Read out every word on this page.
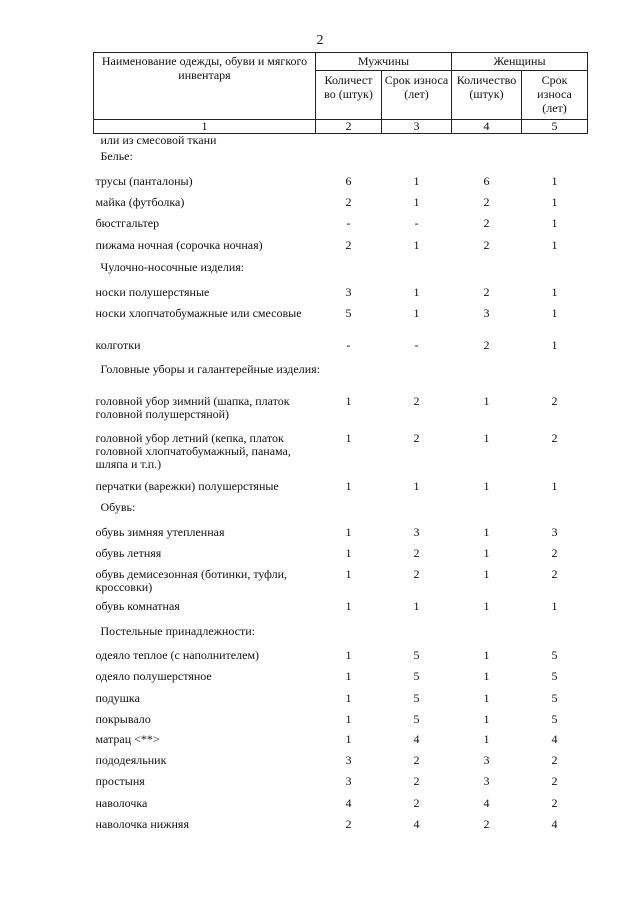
2
Наименование одежды, обуви и мягкого инвентаря	Мужчины		Женщины	
	Количест во (штук)	Срок износа (лет)	Количество (штук)	Срок износа (лет)
1	2	3	4	5
или из смесовой ткани				
Белье:				
трусы (панталоны)	6	1	6	1
майка (футболка)	2	1	2	1
бюстгальтер	-	-	2	1
пижама ночная (сорочка ночная)	2	1	2	1
Чулочно-носочные изделия:				
носки полушерстяные	3	1	2	1
носки хлопчатобумажные или смесовые	5	1	3	1
колготки	-	-	2	1
Головные уборы и галантерейные изделия:				
головной убор зимний (шапка, платок головной полушерстяной)	1	2	1	2
головной убор летний (кепка, платок головной хлопчатобумажный, панама, шляпа и т.п.)	1	2	1	2
перчатки (варежки) полушерстяные	1	1	1	1
Обувь:				
обувь зимняя утепленная	1	3	1	3
обувь летняя	1	2	1	2
обувь демисезонная (ботинки, туфли, кроссовки)	1	2	1	2
обувь комнатная	1	1	1	1
Постельные принадлежности:				
одеяло теплое (с наполнителем)	1	5	1	5
одеяло полушерстяное	1	5	1	5
подушка	1	5	1	5
покрывало	1	5	1	5
матрац <**>	1	4	1	4
пододеяльник	3	2	3	2
простыня	3	2	3	2
наволочка	4	2	4	2
наволочка нижняя	2	4	2	4
